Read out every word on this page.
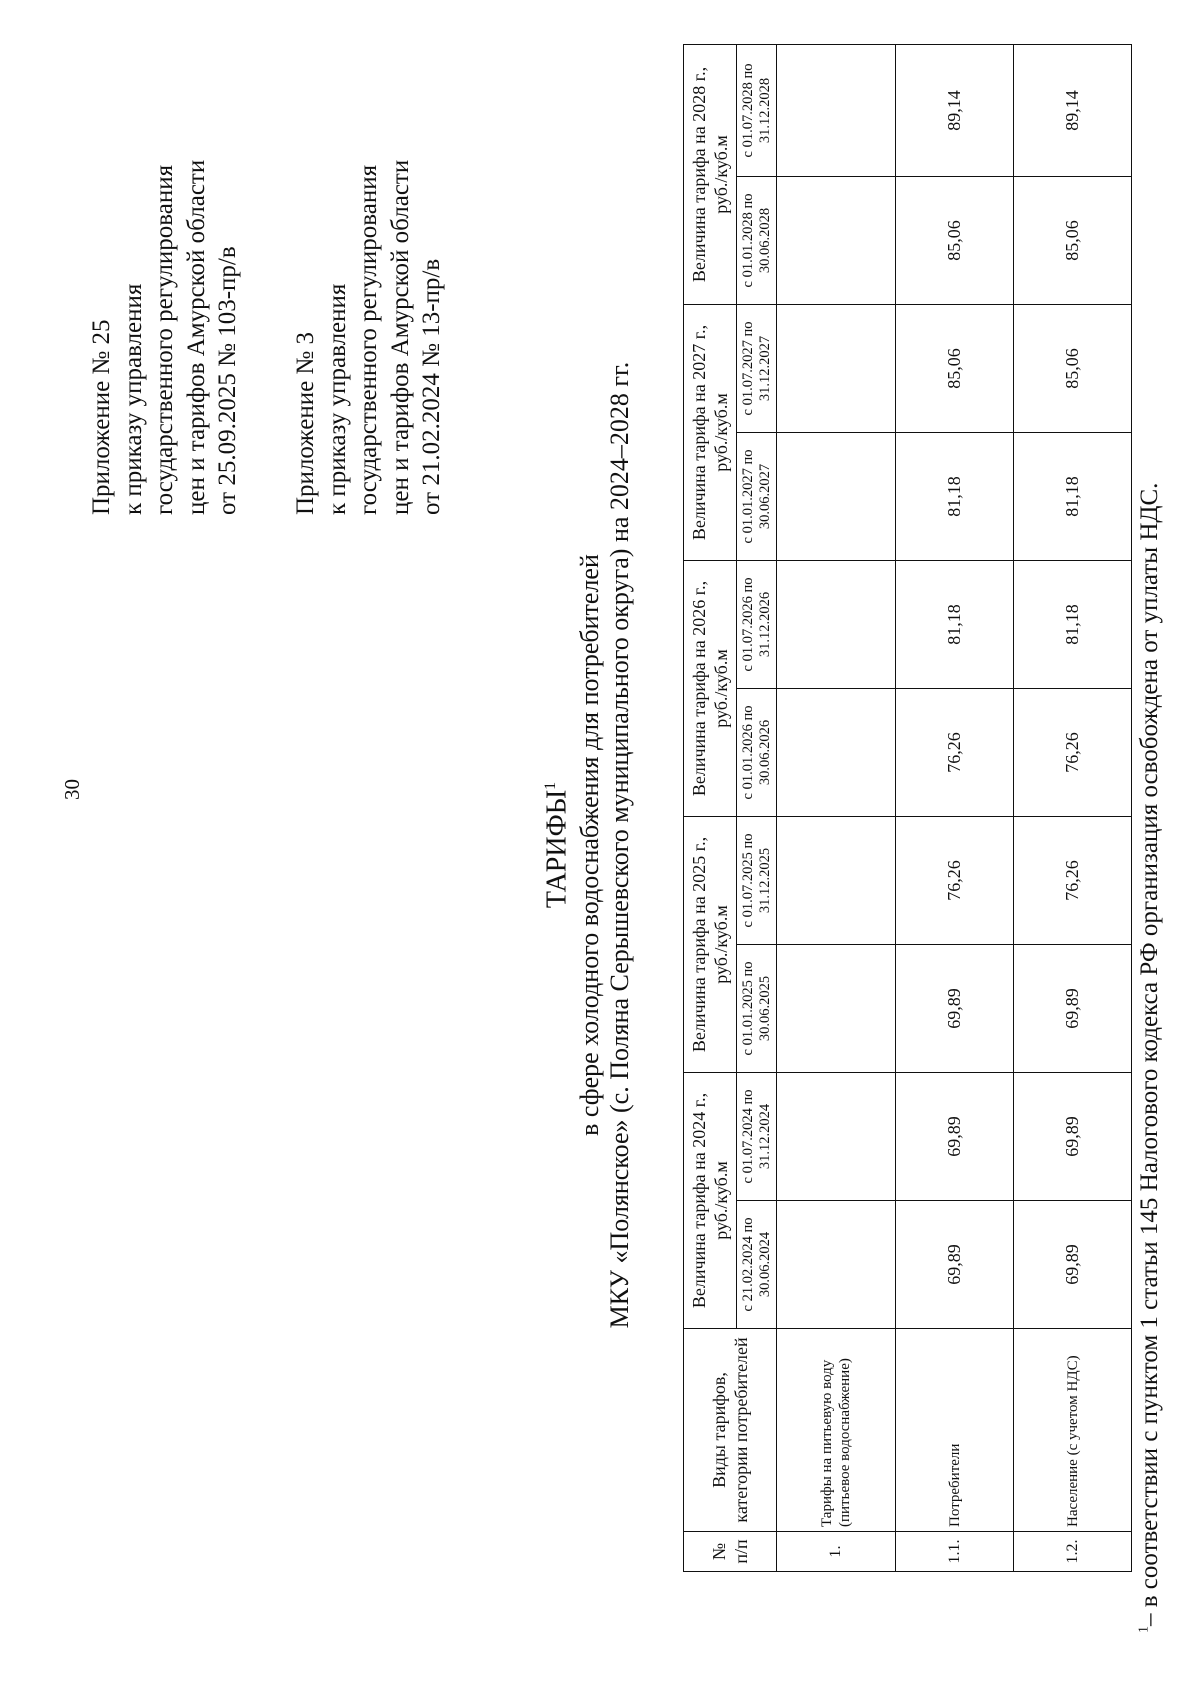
30
Приложение № 25 к приказу управления государственного регулирования цен и тарифов Амурской области от 25.09.2025 № 103-пр/в Приложение № 3 к приказу управления государственного регулирования цен и тарифов Амурской области от 21.02.2024 № 13-пр/в
ТАРИФЫ$^1$ в сфере холодного водоснабжения для потребителей МКУ «Полянское» (с. Поляна Серышевского муниципального округа) на 2024–2028 гг.
№ п/п	Виды тарифов, категории потребителей	Величина тарифа на 2024 г., руб./куб.м		Величина тарифа на 2025 г., руб./куб.м		Величина тарифа на 2026 г., руб./куб.м		Величина тарифа на 2027 г., руб./куб.м		Величина тарифа на 2028 г., руб./куб.м	
		с 21.02.2024 по 30.06.2024	с 01.07.2024 по 31.12.2024	с 01.01.2025 по 30.06.2025	с 01.07.2025 по 31.12.2025	с 01.01.2026 по 30.06.2026	с 01.07.2026 по 31.12.2026	с 01.01.2027 по 30.06.2027	с 01.07.2027 по 31.12.2027	с 01.01.2028 по 30.06.2028	с 01.07.2028 по 31.12.2028
1.	Тарифы на питьевую воду (питьевое водоснабжение)										
1.1.	Потребители	69,89	69,89	69,89	76,26	76,26	81,18	81,18	85,06	85,06	89,14
1.2.	Население (с учетом НДС)	69,89	69,89	69,89	76,26	76,26	81,18	81,18	85,06	85,06	89,14
$^1$– в соответствии с пунктом 1 статьи 145 Налогового кодекса РФ организация освобождена от уплаты НДС.
